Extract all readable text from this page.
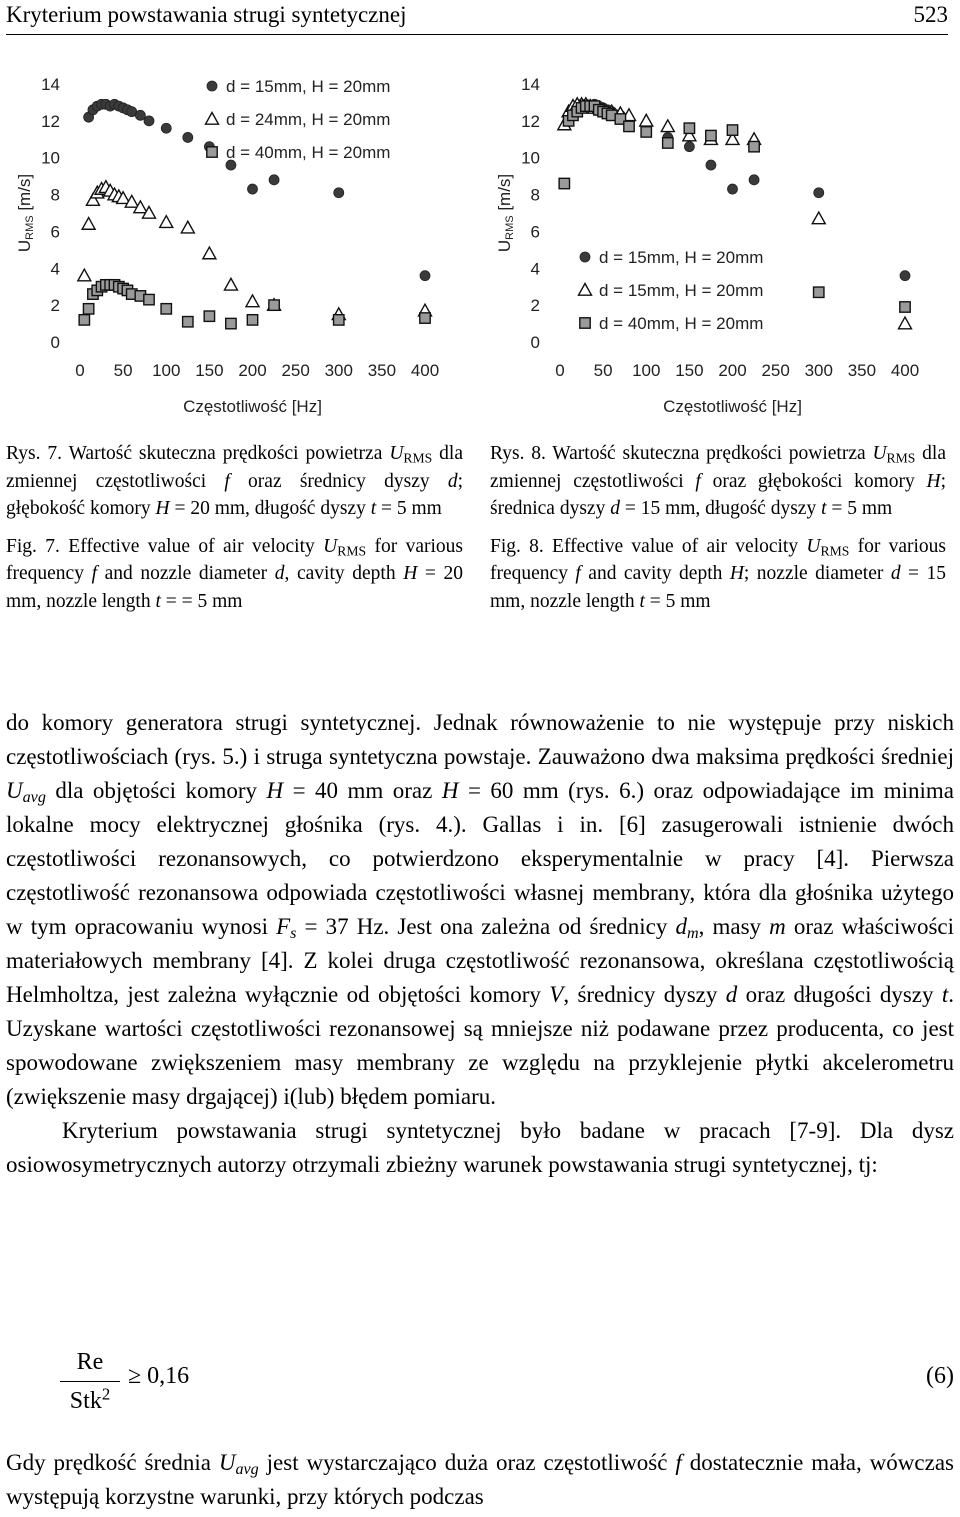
Kryterium powstawania strugi syntetycznej	523
0
2
4
6
8
10
12
14
0 50 100 150 200 250 300 350 400
Częstotliwość [Hz]
URMS [m/s]
d = 15mm, H = 20mm
d = 24mm, H = 20mm
d = 40mm, H = 20mm
0
2
4
6
8
10
12
14
0 50 100 150 200 250 300 350 400
Częstotliwość [Hz]
URMS [m/s]
d = 15mm, H = 20mm
d = 15mm, H = 20mm
d = 40mm, H = 20mm

Rys. 7. Wartość skuteczna prędkości powietrza $U_{RMS}$ dla zmiennej częstotliwości f oraz średnicy dyszy d; głębokość komory H = 20 mm, długość dyszy t = 5 mm

Fig. 7. Effective value of air velocity $U_{RMS}$ for various frequency f and nozzle diameter d, cavity depth H = 20 mm, nozzle length t = = 5 mm

Rys. 8. Wartość skuteczna prędkości powietrza $U_{RMS}$ dla zmiennej częstotliwości f oraz głębokości komory H; średnica dyszy d = 15 mm, długość dyszy t = 5 mm

Fig. 8. Effective value of air velocity $U_{RMS}$ for various frequency f and cavity depth H; nozzle diameter d = 15 mm, nozzle length t = 5 mm

do komory generatora strugi syntetycznej. Jednak równoważenie to nie występuje przy niskich częstotliwościach (rys. 5.) i struga syntetyczna powstaje. Zauważono dwa maksima prędkości średniej $U_{avg}$ dla objętości komory H = 40 mm oraz H = 60 mm (rys. 6.) oraz odpowiadające im minima lokalne mocy elektrycznej głośnika (rys. 4.). Gallas i in. [6] zasugerowali istnienie dwóch częstotliwości rezonansowych, co potwierdzono eksperymentalnie w pracy [4]. Pierwsza częstotliwość rezonansowa odpowiada częstotliwości własnej membrany, która dla głośnika użytego w tym opracowaniu wynosi $F_s = 37$ Hz. Jest ona zależna od średnicy $d_m$, masy m oraz właściwości materiałowych membrany [4]. Z kolei druga częstotliwość rezonansowa, określana częstotliwością Helmholtza, jest zależna wyłącznie od objętości komory V, średnicy dyszy d oraz długości dyszy t. Uzyskane wartości częstotliwości rezonansowej są mniejsze niż podawane przez producenta, co jest spowodowane zwiększeniem masy membrany ze względu na przyklejenie płytki akcelerometru (zwiększenie masy drgającej) i(lub) błędem pomiaru.

Kryterium powstawania strugi syntetycznej było badane w pracach [7-9]. Dla dysz osiowosymetrycznych autorzy otrzymali zbieżny warunek powstawania strugi syntetycznej, tj:

Re
Stk$^2$
≥ 0,16	(6)

Gdy prędkość średnia $U_{avg}$ jest wystarczająco duża oraz częstotliwość f dostatecznie mała, wówczas występują korzystne warunki, przy których podczas
